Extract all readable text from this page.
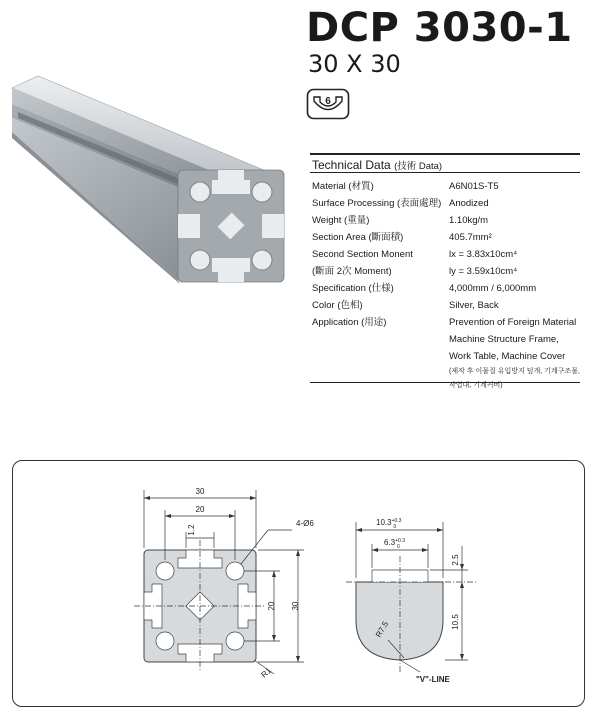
DCP 3030-1
30 X 30
6
Technical Data (技術 Data)
Material (材質)	A6N01S-T5
Surface Processing (表面處理) Anodized
Weight (重量)	1.10kg/m
Section Area (斷面積)	405.7mm²
Second Section Monent	lx = 3.83x10cm⁴
(斷面 2次 Moment)	ly = 3.59x10cm⁴
Specification (仕様)	4,000mm / 6,000mm
Color (色相)	Silver, Back
Application (用途)	Prevention of Foreign Material
Machine Structure Frame,
Work Table, Machine Cover
(제작 후 이물질 유입방지 덮개, 기계구조물,
작업대, 기계커버)
30
20
1.2
4-Ø6
20 30
R1
$10.3^{+0.3}$ 0
$6.3^{+0.3}$ 0
2.5
10.5
R7.5
"V"-LINE
